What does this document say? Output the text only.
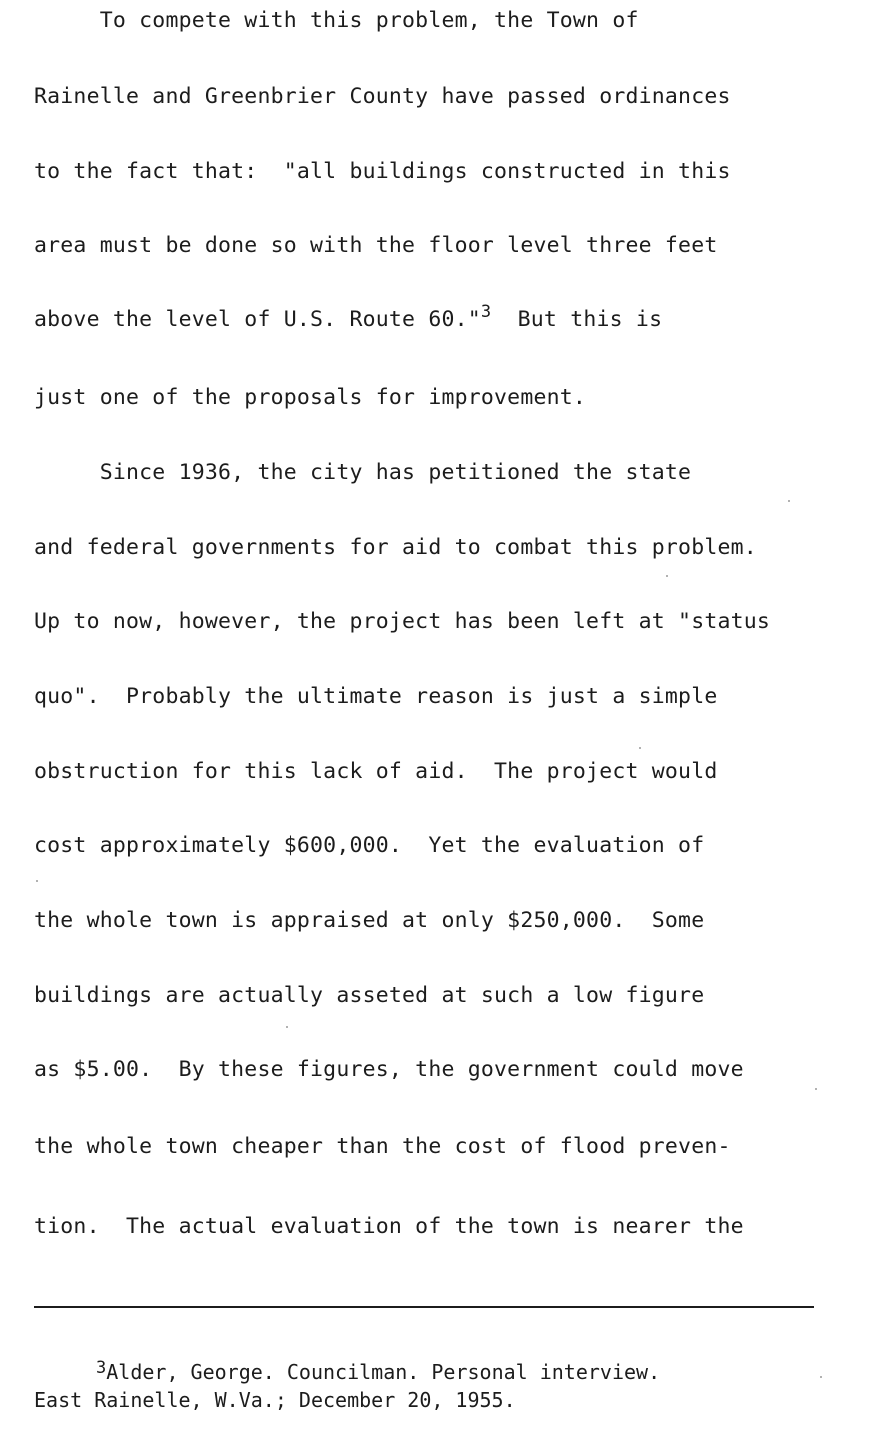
To compete with this problem, the Town of
Rainelle and Greenbrier County have passed ordinances
to the fact that:  "all buildings constructed in this
area must be done so with the floor level three feet
above the level of U.S. Route 60."$^3$  But this is
just one of the proposals for improvement.
Since 1936, the city has petitioned the state
and federal governments for aid to combat this problem.
Up to now, however, the project has been left at "status
quo".  Probably the ultimate reason is just a simple
obstruction for this lack of aid.  The project would
cost approximately $600,000.  Yet the evaluation of
the whole town is appraised at only $250,000.  Some
buildings are actually asseted at such a low figure
as $5.00.  By these figures, the government could move
the whole town cheaper than the cost of flood preven-
tion.  The actual evaluation of the town is nearer the
$^3$Alder, George. Councilman. Personal interview.
East Rainelle, W.Va.; December 20, 1955.
